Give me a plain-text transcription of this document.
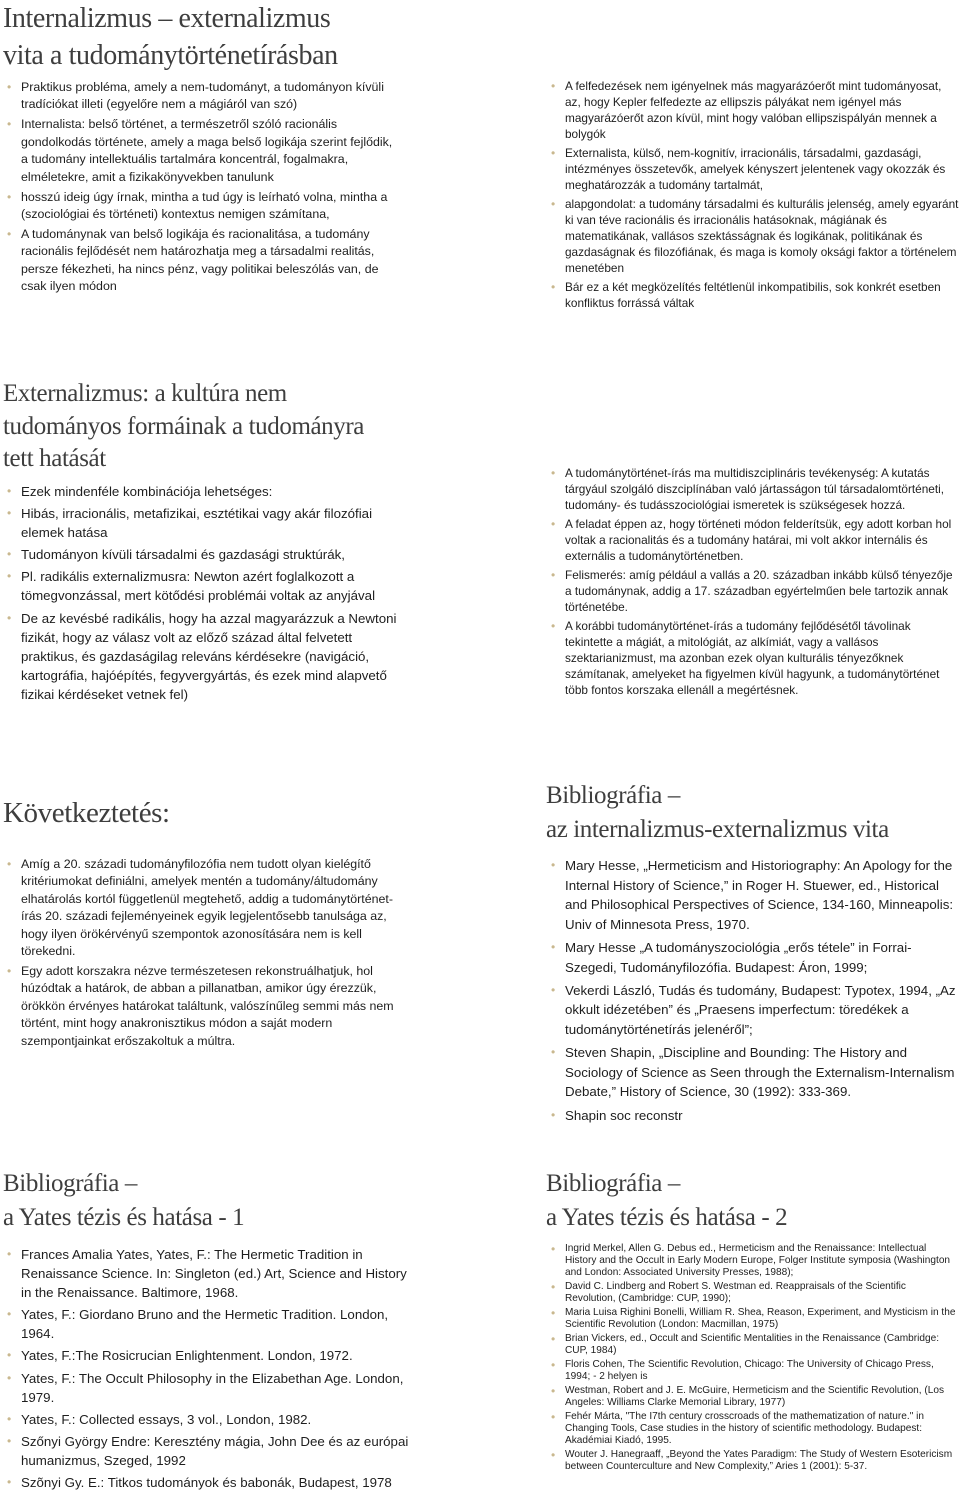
Internalizmus – externalizmus
vita a tudománytörténetírásban
• Praktikus probléma, amely a nem-tudományt, a tudományon kívüli tradíciókat illeti (egyelőre nem a mágiáról van szó)
• Internalista: belső történet, a természetről szóló racionális gondolkodás története, amely a maga belső logikája szerint fejlődik, a tudomány intellektuális tartalmára koncentrál, fogalmakra, elméletekre, amit a fizikakönyvekben tanulunk
• hosszú ideig úgy írnak, mintha a tud úgy is leírható volna, mintha a (szociológiai és történeti) kontextus nemigen számítana,
• A tudománynak van belső logikája és racionalitása, a tudomány racionális fejlődését nem határozhatja meg a társadalmi realitás, persze fékezheti, ha nincs pénz, vagy politikai beleszólás van, de csak ilyen módon
• A felfedezések nem igényelnek más magyarázóerőt mint tudományosat, az, hogy Kepler felfedezte az ellipszis pályákat nem igényel más magyarázóerőt azon kívül, mint hogy valóban ellipszispályán mennek a bolygók
• Externalista, külső, nem-kognitív, irracionális, társadalmi, gazdasági, intézményes összetevők, amelyek kényszert jelentenek vagy okozzák és meghatározzák a tudomány tartalmát,
• alapgondolat: a tudomány társadalmi és kulturális jelenség, amely egyaránt ki van téve racionális és irracionális hatásoknak, mágiának és matematikának, vallásos szektásságnak és logikának, politikának és gazdaságnak és filozófiának, és maga is komoly oksági faktor a történelem menetében
• Bár ez a két megközelítés feltétlenül inkompatibilis, sok konkrét esetben konfliktus forrássá váltak
Externalizmus: a kultúra nem
tudományos formáinak a tudományra
tett hatását
• Ezek mindenféle kombinációja lehetséges:
• Hibás, irracionális, metafizikai, esztétikai vagy akár filozófiai elemek hatása
• Tudományon kívüli társadalmi és gazdasági struktúrák,
• Pl. radikális externalizmusra: Newton azért foglalkozott a tömegvonzással, mert kötődési problémái voltak az anyjával
• De az kevésbé radikális, hogy ha azzal magyarázzuk a Newtoni fizikát, hogy az válasz volt az előző század által felvetett praktikus, és gazdaságilag releváns kérdésekre (navigáció, kartográfia, hajóépítés, fegyvergyártás, és ezek mind alapvető fizikai kérdéseket vetnek fel)
• A tudománytörténet-írás ma multidiszciplináris tevékenység: A kutatás tárgyául szolgáló diszciplínában való jártasságon túl társadalomtörténeti, tudomány- és tudásszociológiai ismeretek is szükségesek hozzá.
• A feladat éppen az, hogy történeti módon felderítsük, egy adott korban hol voltak a racionalitás és a tudomány határai, mi volt akkor internális és externális a tudománytörténetben.
• Felismerés: amíg például a vallás a 20. században inkább külső tényezője a tudománynak, addig a 17. században egyértelműen bele tartozik annak történetébe.
• A korábbi tudománytörténet-írás a tudomány fejlődésétől távolinak tekintette a mágiát, a mitológiát, az alkímiát, vagy a vallásos szektarianizmust, ma azonban ezek olyan kulturális tényezőknek számítanak, amelyeket ha figyelmen kívül hagyunk, a tudománytörténet több fontos korszaka ellenáll a megértésnek.
Következtetés:
• Amíg a 20. századi tudományfilozófia nem tudott olyan kielégítő kritériumokat definiálni, amelyek mentén a tudomány/áltudomány elhatárolás kortól függetlenül megtehető, addig a tudománytörténet-írás 20. századi fejleményeinek egyik legjelentősebb tanulsága az, hogy ilyen örökérvényű szempontok azonosítására nem is kell törekedni.
• Egy adott korszakra nézve természetesen rekonstruálhatjuk, hol húzódtak a határok, de abban a pillanatban, amikor úgy érezzük, örökkön érvényes határokat találtunk, valószínűleg semmi más nem történt, mint hogy anakronisztikus módon a saját modern szempontjainkat erőszakoltuk a múltra.
Bibliográfia –
az internalizmus-externalizmus vita
• Mary Hesse, „Hermeticism and Historiography: An Apology for the Internal History of Science,” in Roger H. Stuewer, ed., Historical and Philosophical Perspectives of Science, 134-160, Minneapolis: Univ of Minnesota Press, 1970.
• Mary Hesse „A tudományszociológia „erős tétele” in Forrai-Szegedi, Tudományfilozófia. Budapest: Áron, 1999;
• Vekerdi László, Tudás és tudomány, Budapest: Typotex, 1994, „Az okkult idézetében” és „Praesens imperfectum: töredékek a tudománytörténetírás jelenéről”;
• Steven Shapin, „Discipline and Bounding: The History and Sociology of Science as Seen through the Externalism-Internalism Debate,” History of Science, 30 (1992): 333-369.
• Shapin soc reconstr
Bibliográfia –
a Yates tézis és hatása - 1
• Frances Amalia Yates, Yates, F.: The Hermetic Tradition in Renaissance Science. In: Singleton (ed.) Art, Science and History in the Renaissance. Baltimore, 1968.
• Yates, F.: Giordano Bruno and the Hermetic Tradition. London, 1964.
• Yates, F.:The Rosicrucian Enlightenment. London, 1972.
• Yates, F.: The Occult Philosophy in the Elizabethan Age. London, 1979.
• Yates, F.: Collected essays, 3 vol., London, 1982.
• Szőnyi György Endre: Keresztény mágia, John Dee és az európai humanizmus, Szeged, 1992
• Szõnyi Gy. E.: Titkos tudományok és babonák, Budapest, 1978
Bibliográfia –
a Yates tézis és hatása - 2
• Ingrid Merkel, Allen G. Debus ed., Hermeticism and the Renaissance: Intellectual History and the Occult in Early Modern Europe, Folger Institute symposia (Washington and London: Associated University Presses, 1988);
• David C. Lindberg and Robert S. Westman ed. Reappraisals of the Scientific Revolution, (Cambridge: CUP, 1990);
• Maria Luisa Righini Bonelli, William R. Shea, Reason, Experiment, and Mysticism in the Scientific Revolution (London: Macmillan, 1975)
• Brian Vickers, ed., Occult and Scientific Mentalities in the Renaissance (Cambridge: CUP, 1984)
• Floris Cohen, The Scientific Revolution, Chicago: The University of Chicago Press, 1994; - 2 helyen is
• Westman, Robert and J. E. McGuire, Hermeticism and the Scientific Revolution, (Los Angeles: Williams Clarke Memorial Library, 1977)
• Fehér Márta, "The I7th century crosscroads of the mathematization of nature." in Changing Tools, Case studies in the history of scientific methodology. Budapest: Akadémiai Kiadó, 1995.
• Wouter J. Hanegraaff, „Beyond the Yates Paradigm: The Study of Western Esotericism between Counterculture and New Complexity,” Aries 1 (2001): 5-37.
